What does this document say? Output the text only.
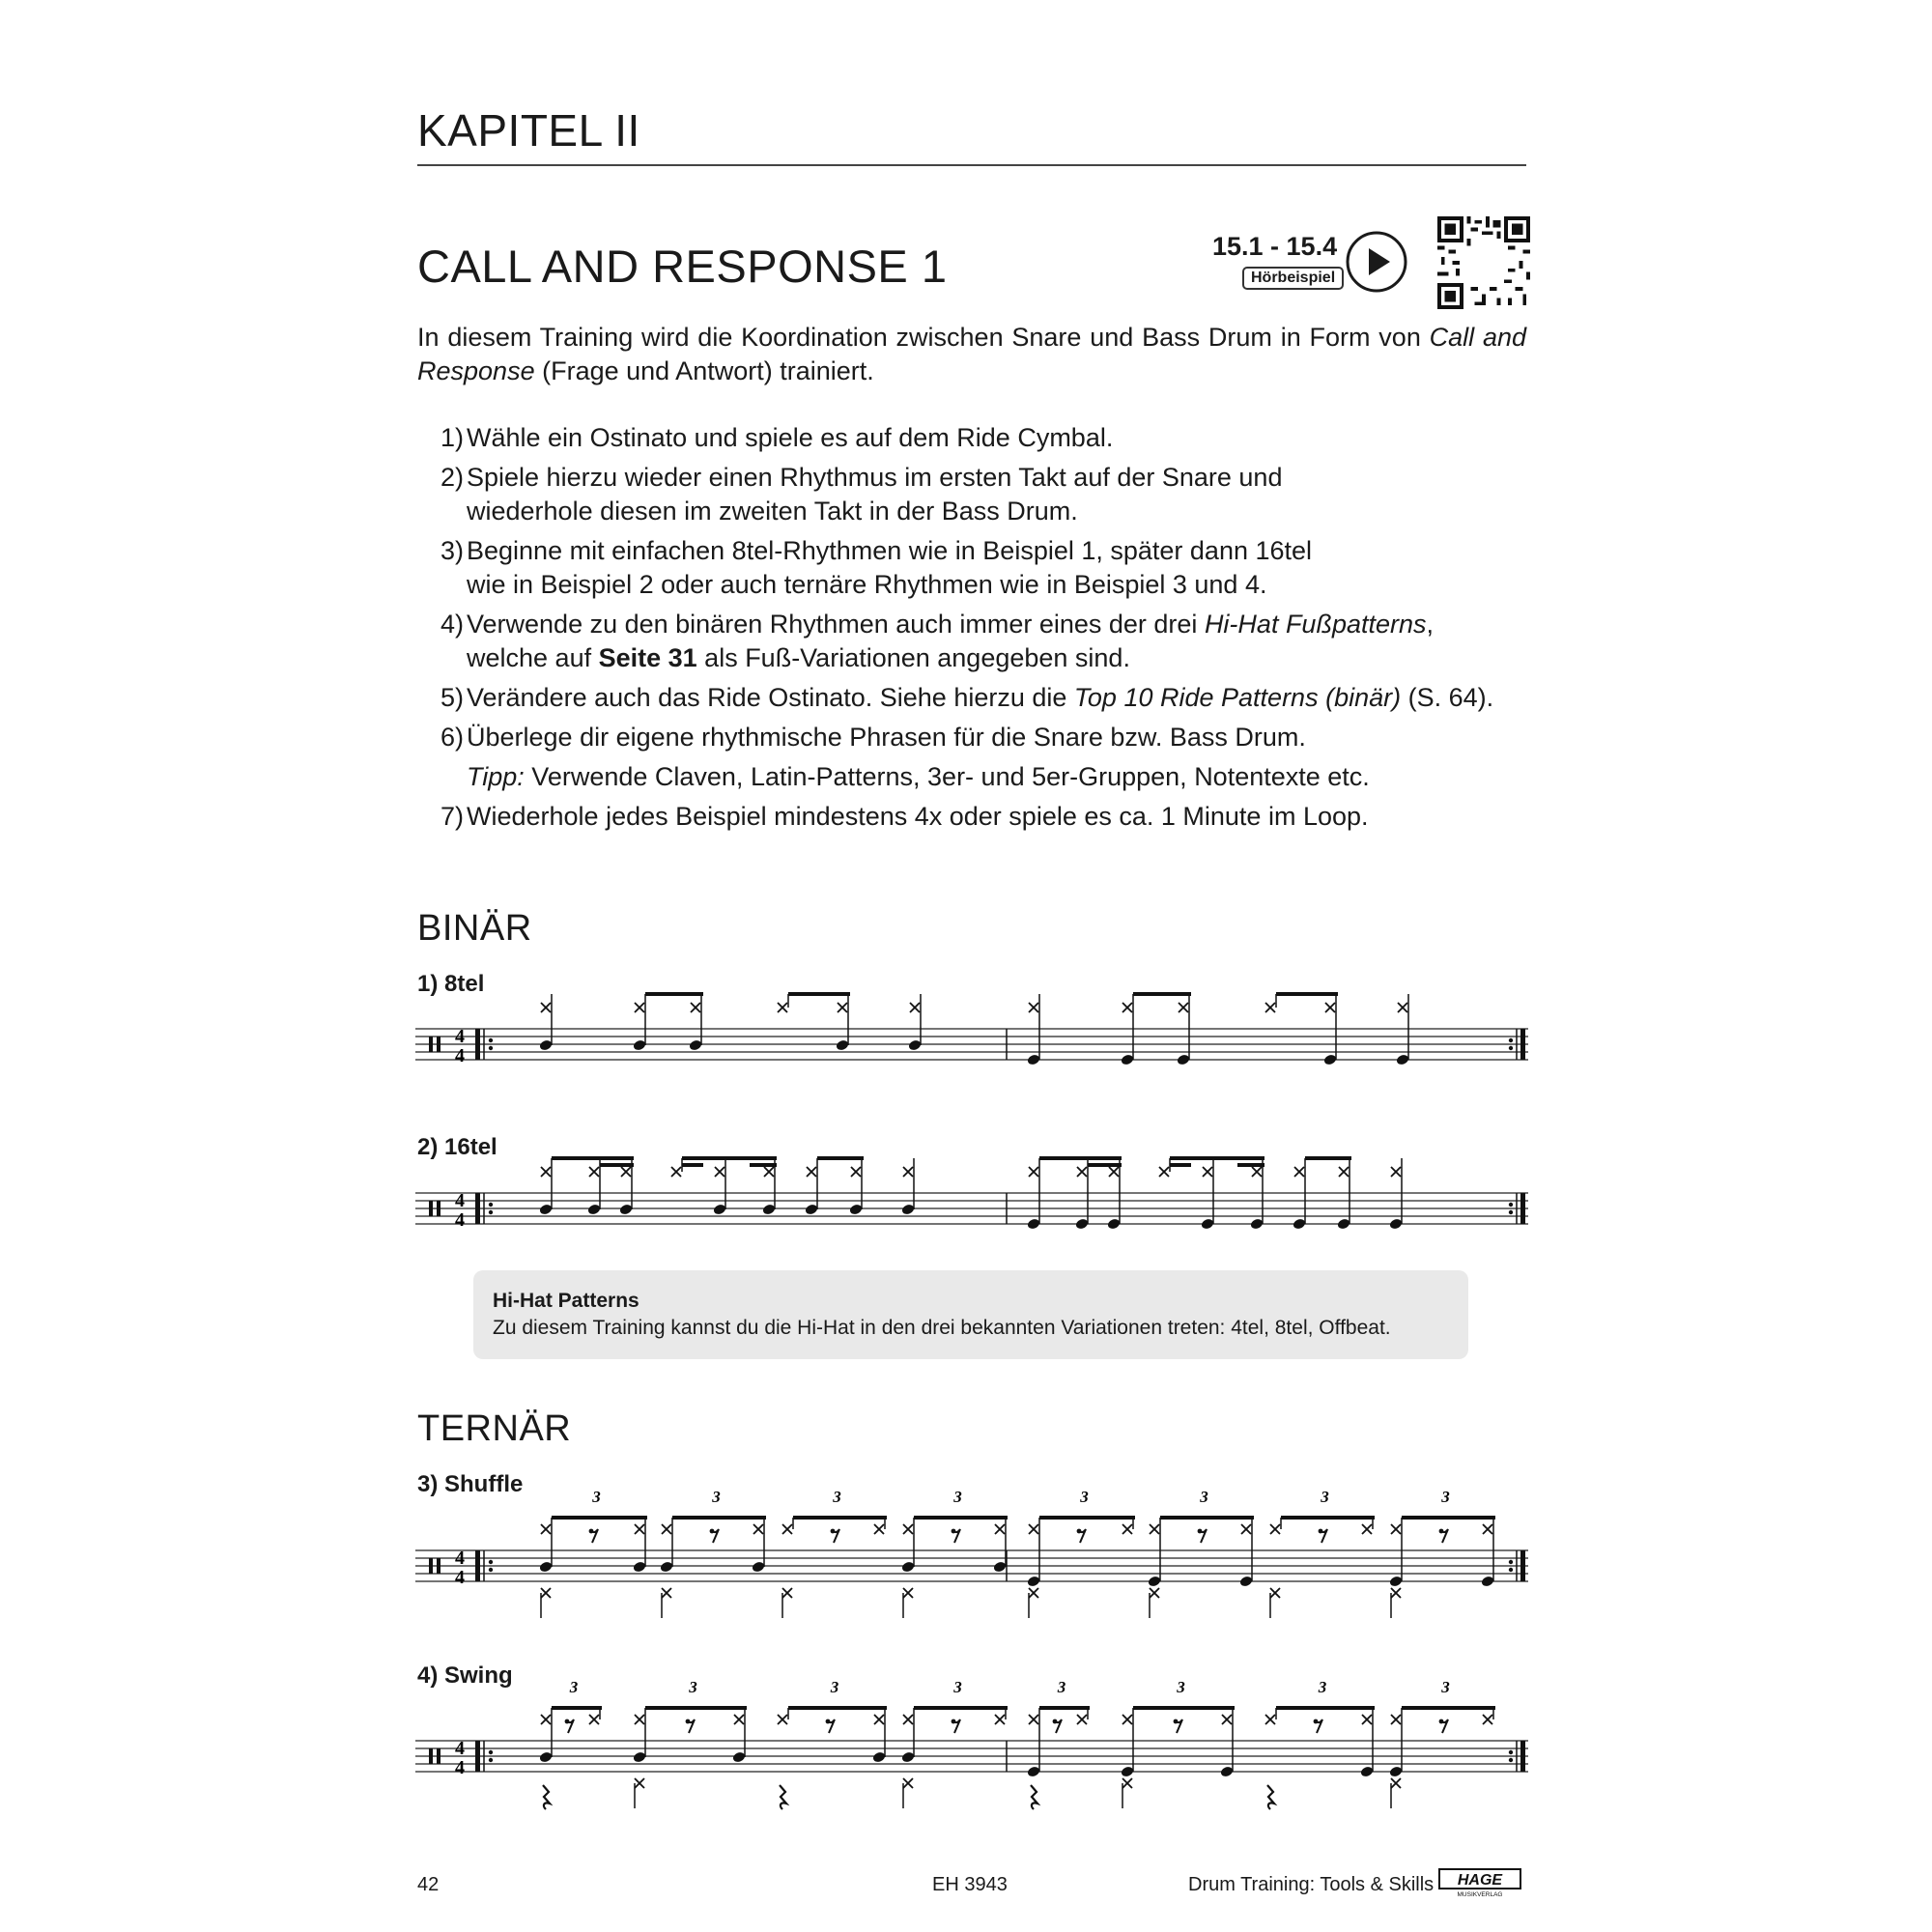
KAPITEL II
CALL AND RESPONSE 1	15.1 - 15.4
Hörbeispiel
In diesem Training wird die Koordination zwischen Snare und Bass Drum in Form von Call and Response (Frage und Antwort) trainiert.
1) Wähle ein Ostinato und spiele es auf dem Ride Cymbal.
2) Spiele hierzu wieder einen Rhythmus im ersten Takt auf der Snare und
wiederhole diesen im zweiten Takt in der Bass Drum.
3) Beginne mit einfachen 8tel-Rhythmen wie in Beispiel 1, später dann 16tel
wie in Beispiel 2 oder auch ternäre Rhythmen wie in Beispiel 3 und 4.
4) Verwende zu den binären Rhythmen auch immer eines der drei Hi-Hat Fußpatterns,
welche auf Seite 31 als Fuß-Variationen angegeben sind.
5) Verändere auch das Ride Ostinato. Siehe hierzu die Top 10 Ride Patterns (binär) (S. 64).
6) Überlege dir eigene rhythmische Phrasen für die Snare bzw. Bass Drum.
Tipp: Verwende Claven, Latin-Patterns, 3er- und 5er-Gruppen, Notentexte etc.
7) Wiederhole jedes Beispiel mindestens 4x oder spiele es ca. 1 Minute im Loop.
BINÄR
1) 8tel
4
4
2) 16tel
4
4
Hi-Hat Patterns
Zu diesem Training kannst du die Hi-Hat in den drei bekannten Variationen treten: 4tel, 8tel, Offbeat.
TERNÄR
3) Shuffle
4
4
3	3	3	3	3	3	3	3
4) Swing
4
4
3	3	3	3	3	3	3	3
42	EH 3943	Drum Training: Tools & Skills HAGE
MUSIKVERLAG
